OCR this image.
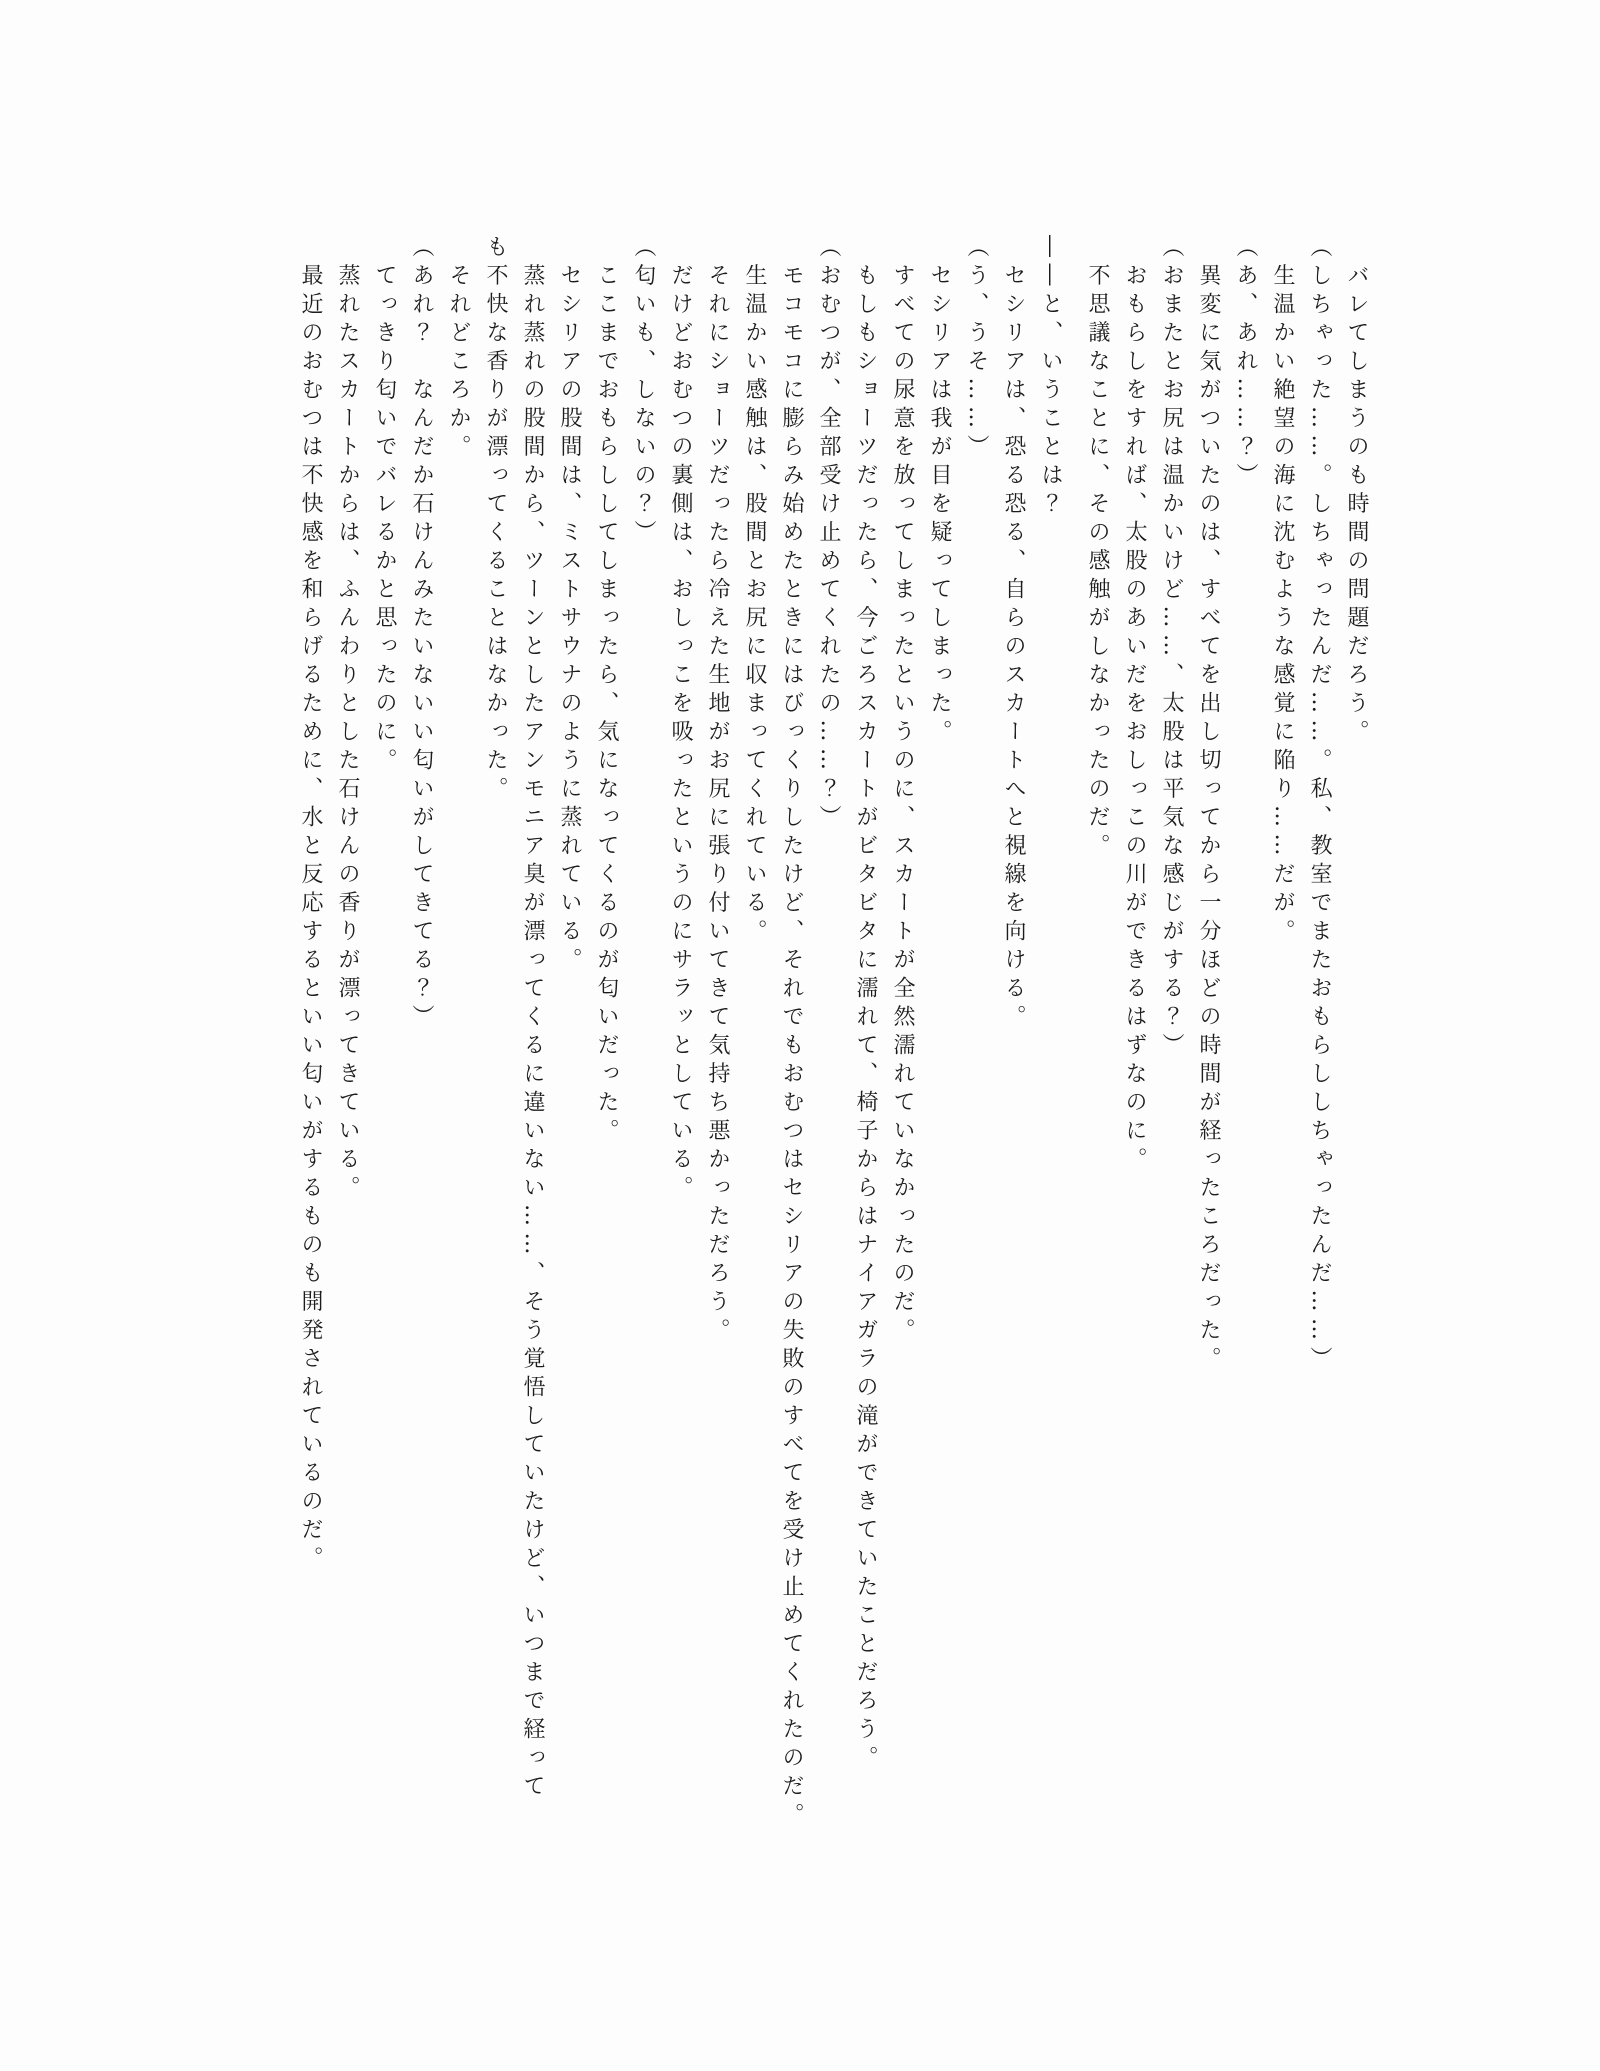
　バレてしまうのも時間の問題だろう。

（しちゃった……。しちゃったんだ……。私、教室でまたおもらししちゃったんだ……）

　生温かい絶望の海に沈むような感覚に陥り……だが。

（あ、あれ……？）

　異変に気がついたのは、すべてを出し切ってから一分ほどの時間が経ったころだった。

（おまたとお尻は温かいけど……、太股は平気な感じがする？）

　おもらしをすれば、太股のあいだをおしっこの川ができるはずなのに。

　不思議なことに、その感触がしなかったのだ。

――と、いうことは？

　セシリアは、恐る恐る、自らのスカートへと視線を向ける。

（う、うそ……）

　セシリアは我が目を疑ってしまった。

　すべての尿意を放ってしまったというのに、スカートが全然濡れていなかったのだ。

　もしもショーツだったら、今ごろスカートがビタビタに濡れて、椅子からはナイアガラの滝ができていたことだろう。

（おむつが、全部受け止めてくれたの……？）

　モコモコに膨らみ始めたときにはびっくりしたけど、それでもおむつはセシリアの失敗のすべてを受け止めてくれたのだ。

　生温かい感触は、股間とお尻に収まってくれている。

　それにショーツだったら冷えた生地がお尻に張り付いてきて気持ち悪かっただろう。

　だけどおむつの裏側は、おしっこを吸ったというのにサラッとしている。

（匂いも、しないの？）

　ここまでおもらししてしまったら、気になってくるのが匂いだった。

　セシリアの股間は、ミストサウナのように蒸れている。

　蒸れ蒸れの股間から、ツーンとしたアンモニア臭が漂ってくるに違いない……、そう覚悟していたけど、いつまで経って

も不快な香りが漂ってくることはなかった。

　それどころか。

（あれ？　なんだか石けんみたいないい匂いがしてきてる？）

　てっきり匂いでバレるかと思ったのに。

　蒸れたスカートからは、ふんわりとした石けんの香りが漂ってきている。

　最近のおむつは不快感を和らげるために、水と反応するといい匂いがするものも開発されているのだ。
